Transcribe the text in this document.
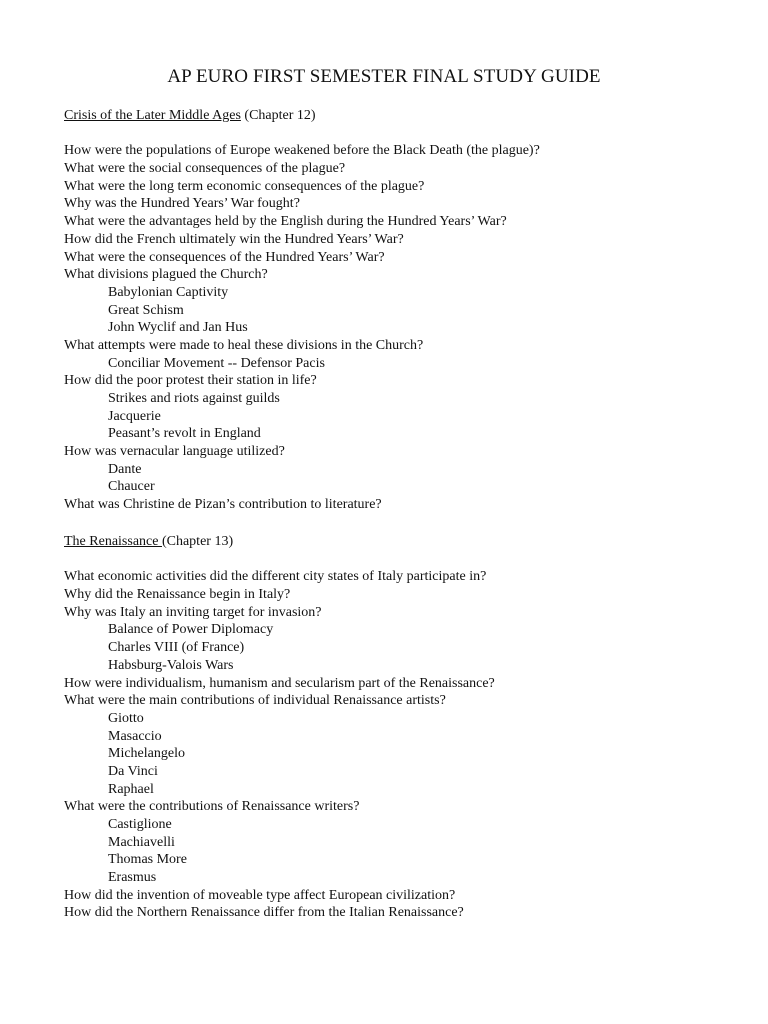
AP EURO FIRST SEMESTER FINAL STUDY GUIDE
Crisis of the Later Middle Ages (Chapter 12)
How were the populations of Europe weakened before the Black Death (the plague)?
What were the social consequences of the plague?
What were the long term economic consequences of the plague?
Why was the Hundred Years’ War fought?
What were the advantages held by the English during the Hundred Years’ War?
How did the French ultimately win the Hundred Years’ War?
What were the consequences of the Hundred Years’ War?
What divisions plagued the Church?
Babylonian Captivity
Great Schism
John Wyclif and Jan Hus
What attempts were made to heal these divisions in the Church?
Conciliar Movement -- Defensor Pacis
How did the poor protest their station in life?
Strikes and riots against guilds
Jacquerie
Peasant’s revolt in England
How was vernacular language utilized?
Dante
Chaucer
What was Christine de Pizan’s contribution to literature?
The Renaissance (Chapter 13)
What economic activities did the different city states of Italy participate in?
Why did the Renaissance begin in Italy?
Why was Italy an inviting target for invasion?
Balance of Power Diplomacy
Charles VIII (of France)
Habsburg-Valois Wars
How were individualism, humanism and secularism part of the Renaissance?
What were the main contributions of individual Renaissance artists?
Giotto
Masaccio
Michelangelo
Da Vinci
Raphael
What were the contributions of Renaissance writers?
Castiglione
Machiavelli
Thomas More
Erasmus
How did the invention of moveable type affect European civilization?
How did the Northern Renaissance differ from the Italian Renaissance?
